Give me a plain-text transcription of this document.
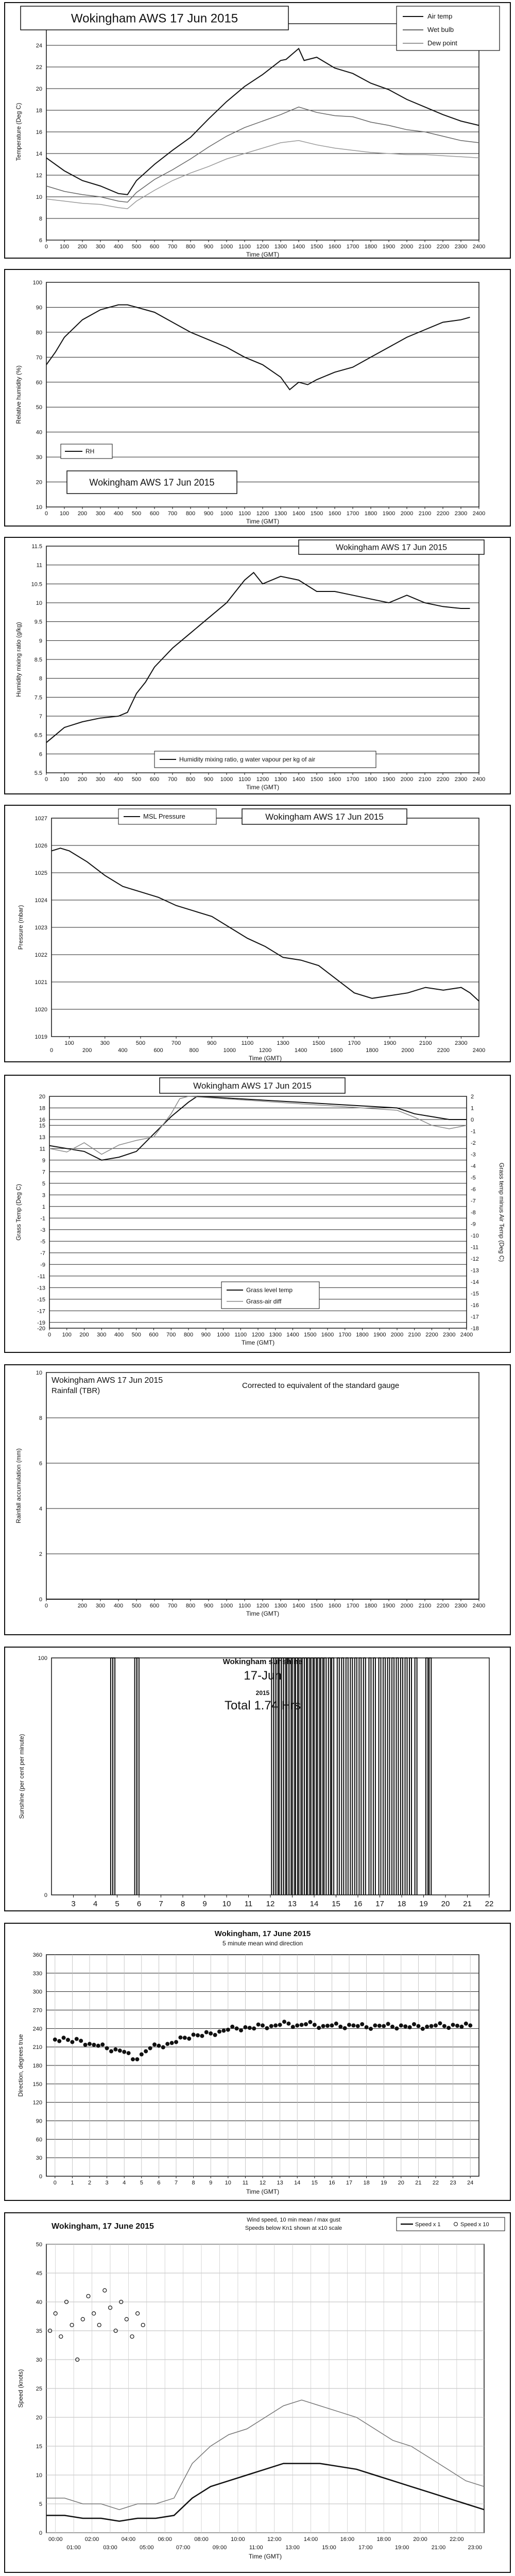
6
8
10
12
14
16
18
20
22
24
0 100 200 300 400 500 600 700 800 900 1000 1100 1200 1300 1400 1500 1600 1700 1800 1900 2000 2100 2200 2300 2400
Wokingham AWS 17 Jun 2015	Air temp
Wet bulb
Dew point
Temperature (Deg C)
Time (GMT)
10
20
30
40
50
60
70
80
90
100
0 100 200 300 400 500 600 700 800 900 1000 1100 1200 1300 1400 1500 1600 1700 1800 1900 2000 2100 2200 2300 2400
Wokingham AWS 17 Jun 2015
RH
Relative humidity (%)
Time (GMT)
5.5
6
6.5
7
7.5
8
8.5
9
9.5
10
10.5
11
11.5
0 100 200 300 400 500 600 700 800 900 1000 1100 1200 1300 1400 1500 1600 1700 1800 1900 2000 2100 2200 2300 2400
Wokingham AWS 17 Jun 2015
Humidity mixing ratio, g water vapour per kg of air
Humidity mixing ratio (g/kg)
Time (GMT)
1019
1020
1021
1022
1023
1024
1025
1026
1027
100	300	500	700	900	1100	1300	1500	1700	1900	2100	2300
0	200	400	600	800	1000	1200	1400	1600	1800	2000	2200	2400
MSL Pressure	Wokingham AWS 17 Jun 2015
Pressure (mbar)
Time (GMT)
-20
-19
-17
-15
-13
-11
-9
-7
-5
-3
-1
1
3
5
7
9
11
13
15
16
18
20
0 100 200 300 400 500 600 700 800 900 1000 1100 1200 1300 1400 1500 1600 1700 1800 1900 2000 2100 2200 2300 2400
2
1
0
-1
-2
-3
-4
-5
-6
-7
-8
-9
-10
-11
-12
-13
-14
-15
-16
-17
-18
Wokingham AWS 17 Jun 2015
Grass level temp
Grass-air diff
Grass Temp (Deg C)	Grass temp minus Air Temp (Deg C)
Time (GMT)
0
2
4
6
8
10
0	200 300 400 500 600 700 800 900 1000 1100 1200 1300 1400 1500 1600 1700 1800 1900 2000 2100 2200 2300 2400
Wokingham AWS 17 Jun 2015
Rainfall (TBR)
Corrected to equivalent of the standard gauge
Rainfall accumulation (mm)
Time (GMT)
0
100
3 4 5 6 7 8 9 10 11 12 13 14 15 16 17 18 19 20 21 22
Wokingham sunshine
17-Jun
2015
Total 1.74 Hrs
Sunshine (per cent per minute)
0
30
60
90
120
150
180
210
240
270
300
330
360
0 1 2 3 4 5 6 7 8 9 10 11 12 13 14 15 16 17 18 19 20 21 22 23 24
Wokingham, 17 June 2015
5 minute mean wind direction
Direction, degrees true
Time (GMT)
0
5
10
15
20
25
30
35
40
45
50
00:00
01:00
02:00
03:00
04:00
05:00
06:00
07:00
08:00
09:00
10:00
11:00
12:00
13:00
14:00
15:00
16:00
17:00
18:00
19:00
20:00
21:00
22:00
23:00
Wokingham, 17 June 2015
Wind speed, 10 min mean / max gust
Speeds below Kn1 shown at x10 scale
Speed x 1	Speed x 10
Speed (knots)
Time (GMT)
